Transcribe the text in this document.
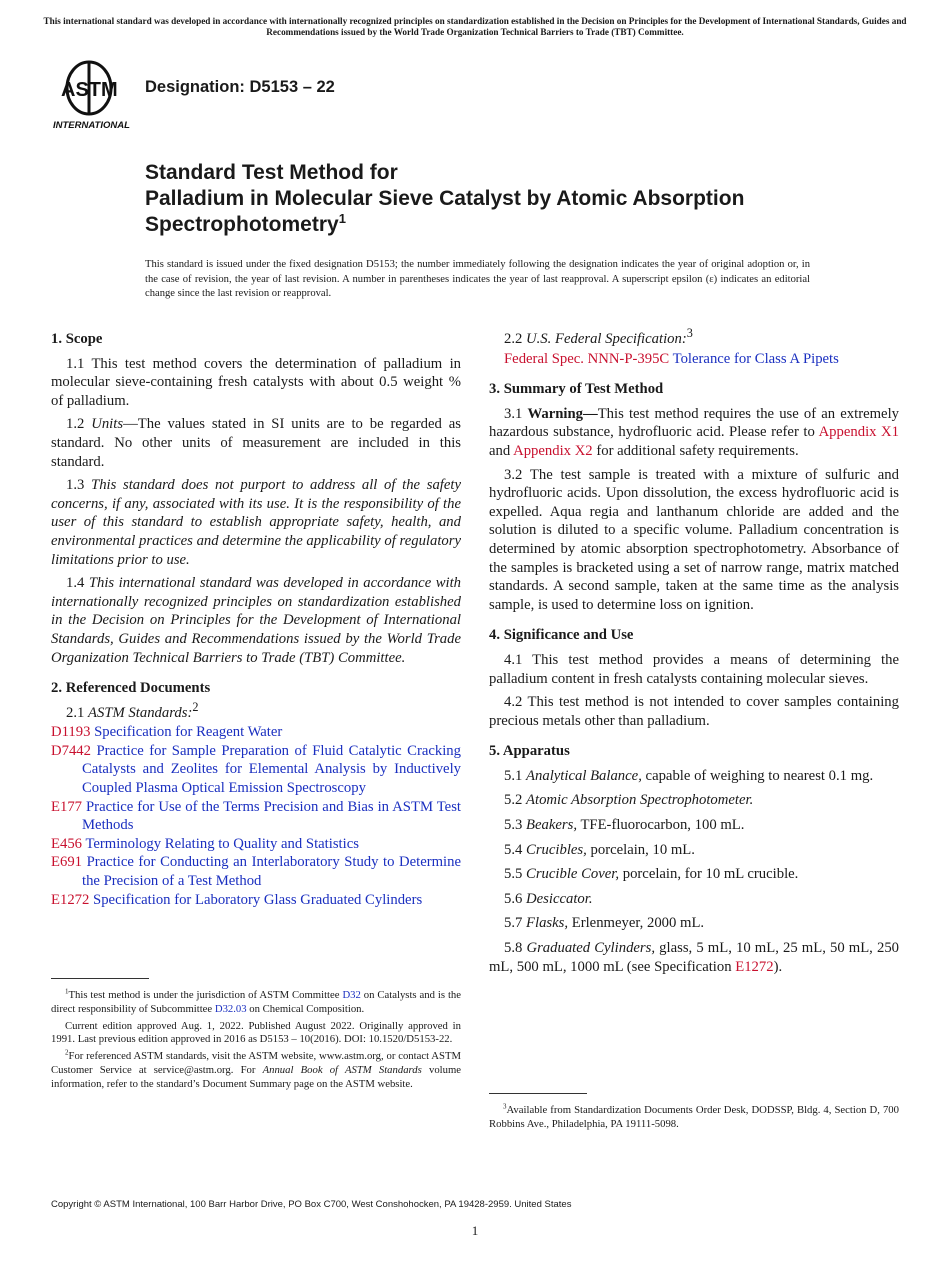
This international standard was developed in accordance with internationally recognized principles on standardization established in the Decision on Principles for the Development of International Standards, Guides and Recommendations issued by the World Trade Organization Technical Barriers to Trade (TBT) Committee.
ASTM
INTERNATIONAL
Designation: D5153 – 22
Standard Test Method for
Palladium in Molecular Sieve Catalyst by Atomic Absorption
Spectrophotometry$^1$
This standard is issued under the fixed designation D5153; the number immediately following the designation indicates the year of original adoption or, in the case of revision, the year of last revision. A number in parentheses indicates the year of last reapproval. A superscript epsilon (ε) indicates an editorial change since the last revision or reapproval.
1. Scope
1.1 This test method covers the determination of palladium in molecular sieve-containing fresh catalysts with about 0.5 weight % of palladium.
1.2 Units—The values stated in SI units are to be regarded as standard. No other units of measurement are included in this standard.
1.3 This standard does not purport to address all of the safety concerns, if any, associated with its use. It is the responsibility of the user of this standard to establish appropriate safety, health, and environmental practices and determine the applicability of regulatory limitations prior to use.
1.4 This international standard was developed in accordance with internationally recognized principles on standardization established in the Decision on Principles for the Development of International Standards, Guides and Recommendations issued by the World Trade Organization Technical Barriers to Trade (TBT) Committee.
2. Referenced Documents
2.1 ASTM Standards:$^2$
D1193 Specification for Reagent Water
D7442 Practice for Sample Preparation of Fluid Catalytic Cracking Catalysts and Zeolites for Elemental Analysis by Inductively Coupled Plasma Optical Emission Spectroscopy
E177 Practice for Use of the Terms Precision and Bias in ASTM Test Methods
E456 Terminology Relating to Quality and Statistics
E691 Practice for Conducting an Interlaboratory Study to Determine the Precision of a Test Method
E1272 Specification for Laboratory Glass Graduated Cylinders

$^1$This test method is under the jurisdiction of ASTM Committee D32 on Catalysts and is the direct responsibility of Subcommittee D32.03 on Chemical Composition.

Current edition approved Aug. 1, 2022. Published August 2022. Originally approved in 1991. Last previous edition approved in 2016 as D5153 – 10(2016). DOI: 10.1520/D5153-22.

$^2$For referenced ASTM standards, visit the ASTM website, www.astm.org, or contact ASTM Customer Service at service@astm.org. For Annual Book of ASTM Standards volume information, refer to the standard’s Document Summary page on the ASTM website.

2.2 U.S. Federal Specification:$^3$
Federal Spec. NNN-P-395C Tolerance for Class A Pipets
3. Summary of Test Method
3.1 Warning—This test method requires the use of an extremely hazardous substance, hydrofluoric acid. Please refer to Appendix X1 and Appendix X2 for additional safety requirements.
3.2 The test sample is treated with a mixture of sulfuric and hydrofluoric acids. Upon dissolution, the excess hydrofluoric acid is expelled. Aqua regia and lanthanum chloride are added and the solution is diluted to a specific volume. Palladium concentration is determined by atomic absorption spectrophotometry. Absorbance of the samples is bracketed using a set of narrow range, matrix matched standards. A second sample, taken at the same time as the analysis sample, is used to determine loss on ignition.
4. Significance and Use
4.1 This test method provides a means of determining the palladium content in fresh catalysts containing molecular sieves.
4.2 This test method is not intended to cover samples containing precious metals other than palladium.
5. Apparatus
5.1 Analytical Balance, capable of weighing to nearest 0.1 mg.
5.2 Atomic Absorption Spectrophotometer.
5.3 Beakers, TFE-fluorocarbon, 100 mL.
5.4 Crucibles, porcelain, 10 mL.
5.5 Crucible Cover, porcelain, for 10 mL crucible.
5.6 Desiccator.
5.7 Flasks, Erlenmeyer, 2000 mL.
5.8 Graduated Cylinders, glass, 5 mL, 10 mL, 25 mL, 50 mL, 250 mL, 500 mL, 1000 mL (see Specification E1272).

$^3$Available from Standardization Documents Order Desk, DODSSP, Bldg. 4, Section D, 700 Robbins Ave., Philadelphia, PA 19111-5098.

Copyright © ASTM International, 100 Barr Harbor Drive, PO Box C700, West Conshohocken, PA 19428-2959. United States
1
